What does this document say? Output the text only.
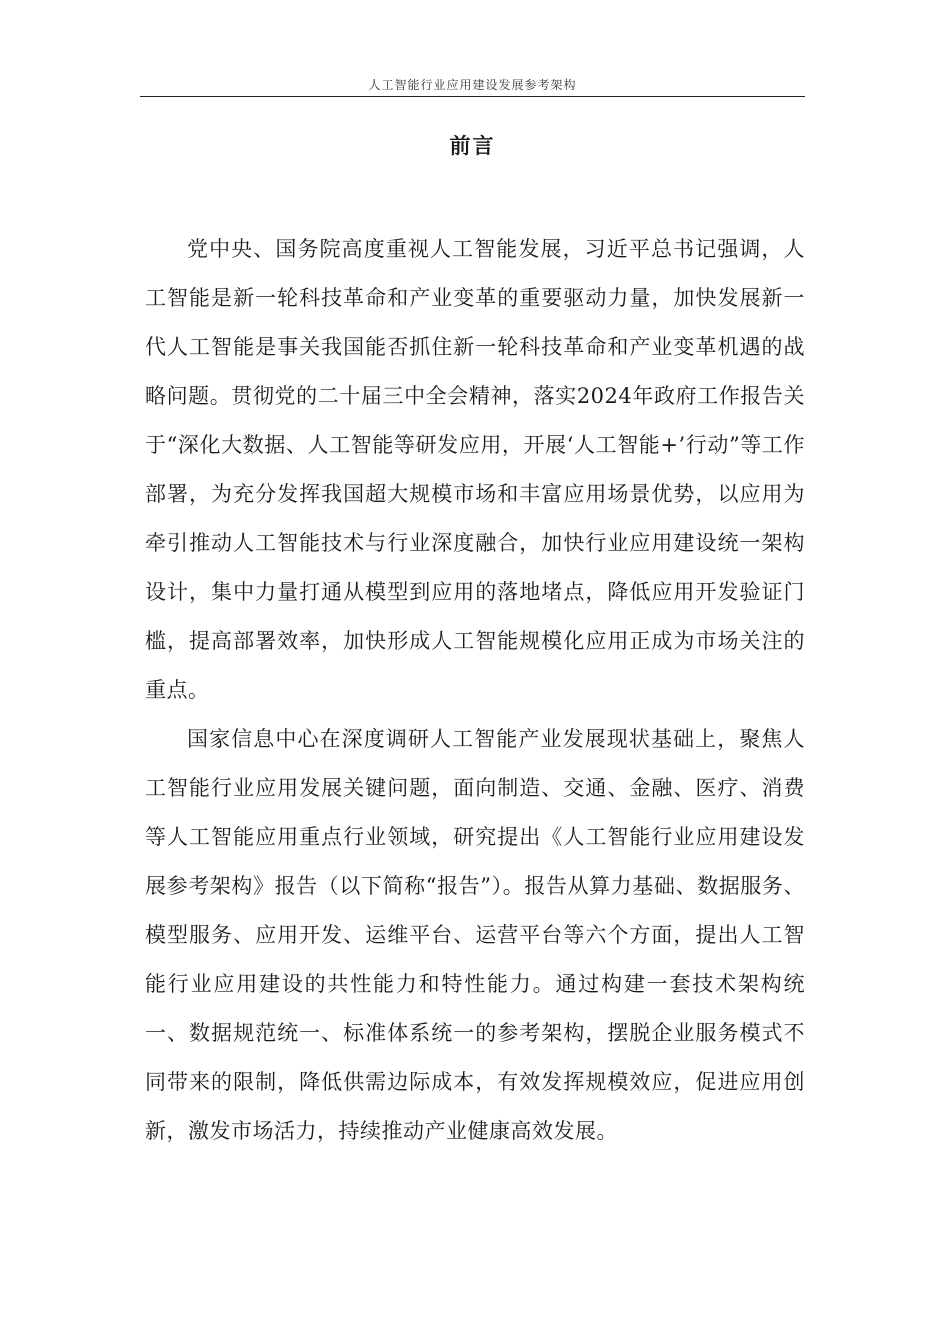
人工智能行业应用建设发展参考架构
前言

党中央、国务院高度重视人工智能发展，习近平总书记强调，人工智能是新一轮科技革命和产业变革的重要驱动力量，加快发展新一代人工智能是事关我国能否抓住新一轮科技革命和产业变革机遇的战略问题。贯彻党的二十届三中全会精神，落实2024年政府工作报告关于“深化大数据、人工智能等研发应用，开展‘人工智能+’行动”等工作部署，为充分发挥我国超大规模市场和丰富应用场景优势，以应用为牵引推动人工智能技术与行业深度融合，加快行业应用建设统一架构设计，集中力量打通从模型到应用的落地堵点，降低应用开发验证门槛，提高部署效率，加快形成人工智能规模化应用正成为市场关注的重点。

国家信息中心在深度调研人工智能产业发展现状基础上，聚焦人工智能行业应用发展关键问题，面向制造、交通、金融、医疗、消费等人工智能应用重点行业领域，研究提出《人工智能行业应用建设发展参考架构》报告（以下简称“报告”）。报告从算力基础、数据服务、模型服务、应用开发、运维平台、运营平台等六个方面，提出人工智能行业应用建设的共性能力和特性能力。通过构建一套技术架构统一、数据规范统一、标准体系统一的参考架构，摆脱企业服务模式不同带来的限制，降低供需边际成本，有效发挥规模效应，促进应用创新，激发市场活力，持续推动产业健康高效发展。
